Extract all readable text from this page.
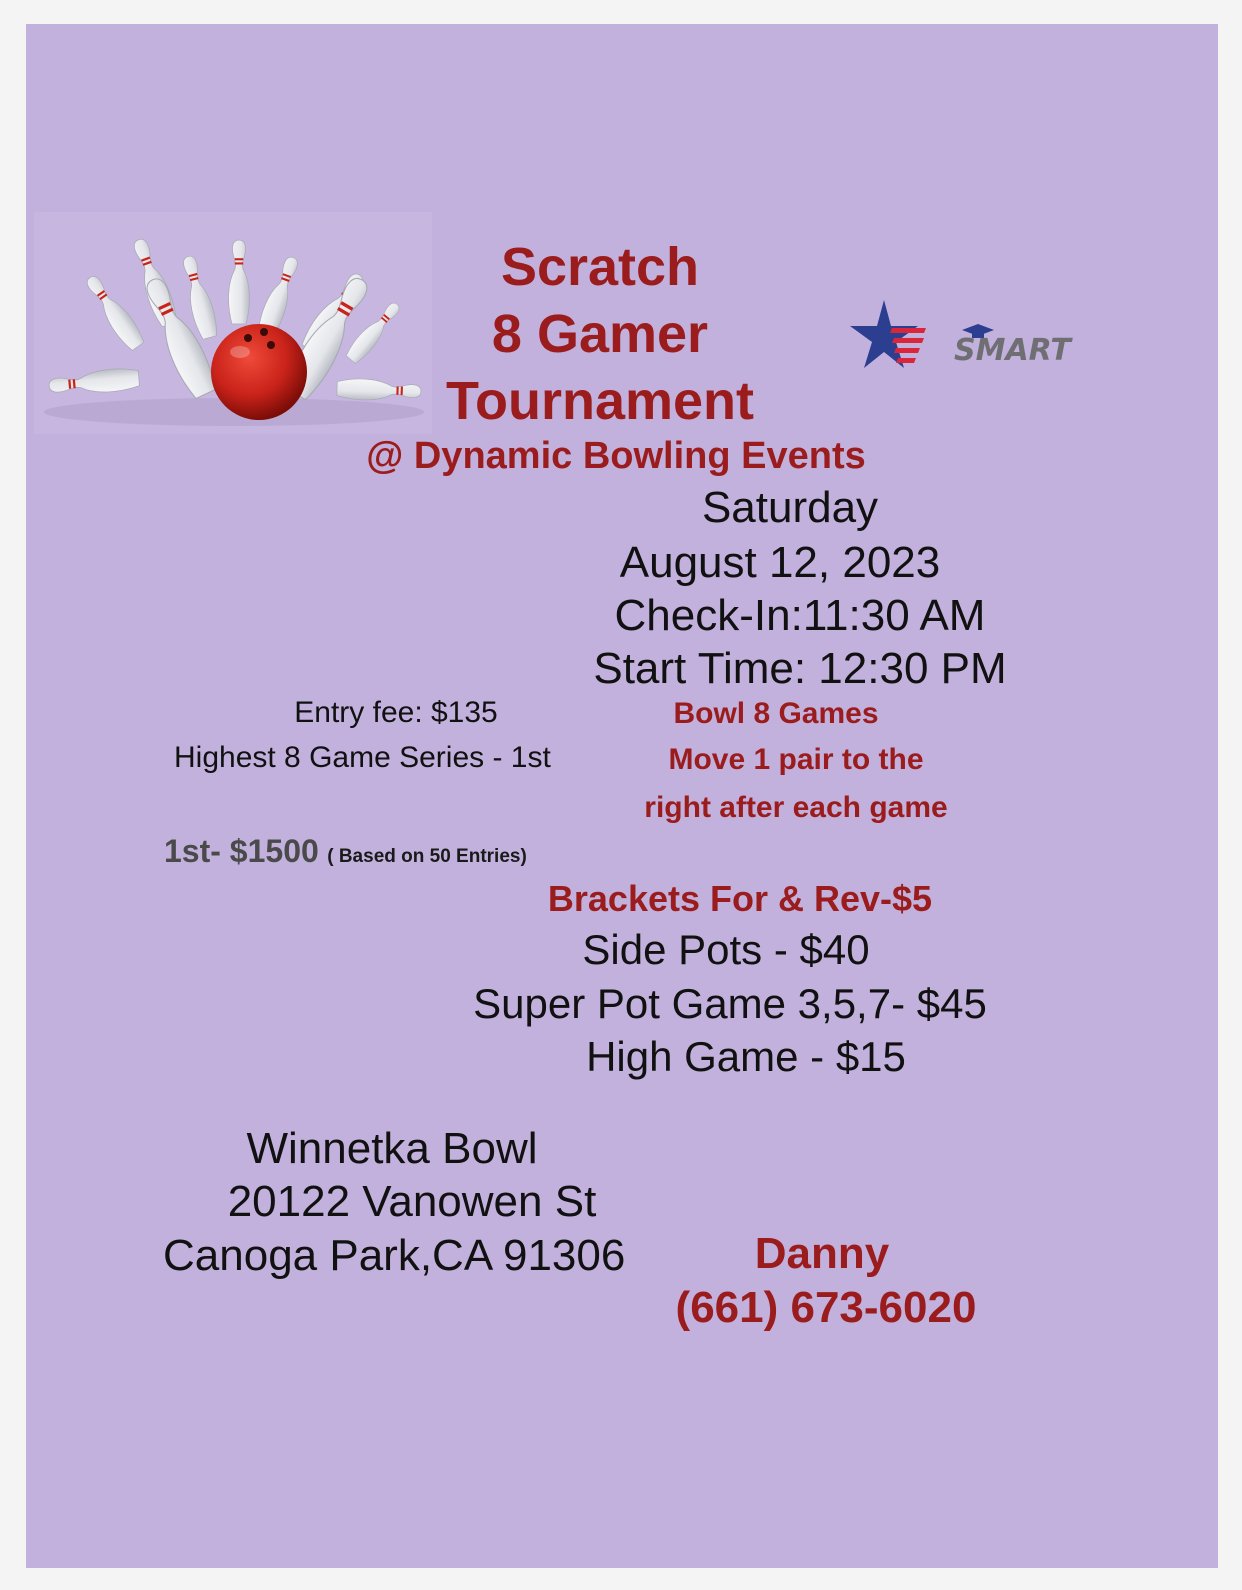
SMART
Scratch
8 Gamer
Tournament
@ Dynamic Bowling Events
Saturday
August 12, 2023
Check-In:11:30 AM
Start Time: 12:30 PM
Entry fee: $135
Highest 8 Game Series - 1st
1st- $1500 ( Based on 50 Entries)
Bowl 8 Games
Move 1 pair to the
right after each game
Brackets For & Rev-$5
Side Pots - $40
Super Pot Game 3,5,7- $45
High Game - $15
Winnetka Bowl
20122 Vanowen St
Canoga Park,CA 91306	Danny
(661) 673-6020
